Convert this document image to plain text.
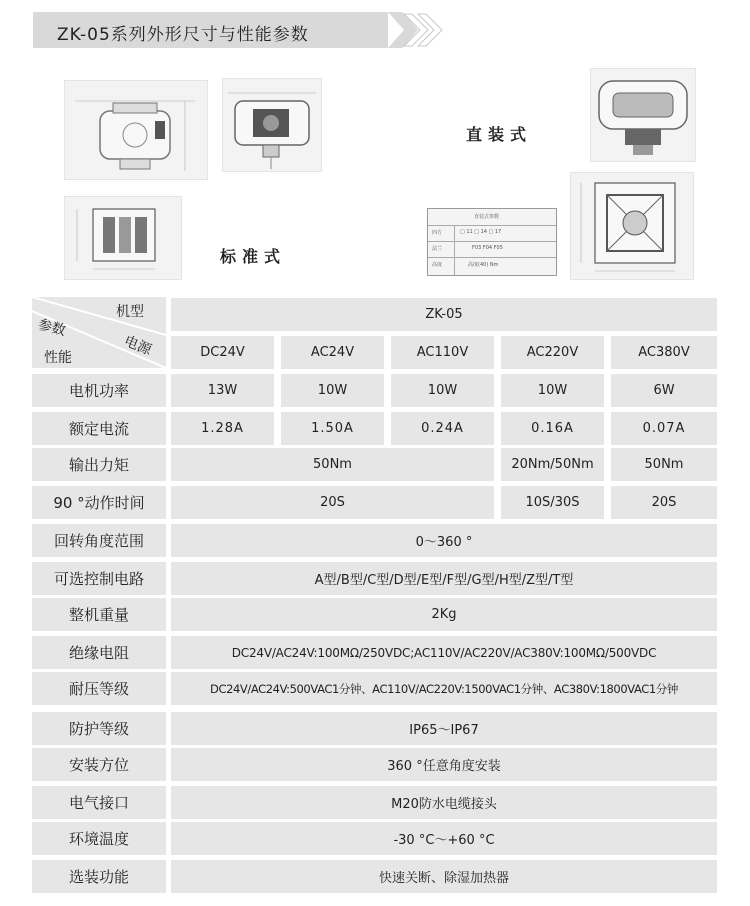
ZK-05系列外形尺寸与性能参数
标准式
直装式
直装式参数
四方	□ 11 □ 14 □ 17
法兰	F03 F04 F05
高度	高度(40) Nm
机型
参数
电源
性能
ZK-05
DC24V	AC24V	AC110V	AC220V	AC380V
电机功率	13W	10W	10W	10W	6W
额定电流	1.28A	1.50A	0.24A	0.16A	0.07A
输出力矩	50Nm	20Nm/50Nm	50Nm
90 °动作时间	20S	10S/30S	20S
回转角度范围	0～360 °
可选控制电路	A型/B型/C型/D型/E型/F型/G型/H型/Z型/T型
整机重量	2Kg
绝缘电阻	DC24V/AC24V:100MΩ/250VDC;AC110V/AC220V/AC380V:100MΩ/500VDC
耐压等级	DC24V/AC24V:500VAC1分钟、AC110V/AC220V:1500VAC1分钟、AC380V:1800VAC1分钟
防护等级	IP65～IP67
安装方位	360 °任意角度安装
电气接口	M20防水电缆接头
环境温度	-30 °C～+60 °C
选装功能	快速关断、除湿加热器
